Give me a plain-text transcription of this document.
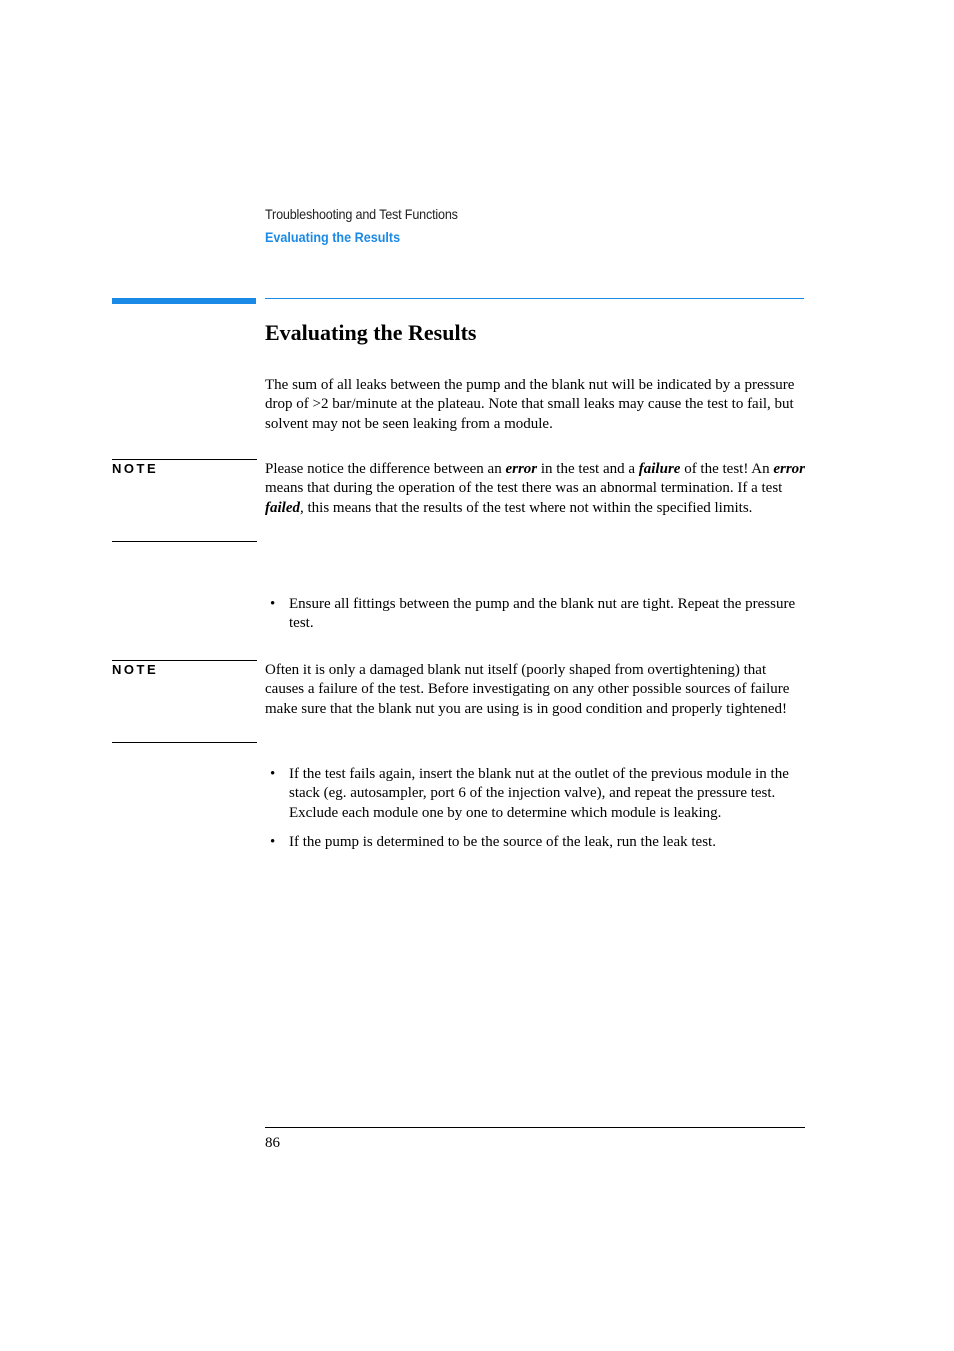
Troubleshooting and Test Functions
Evaluating the Results
Evaluating the Results

The sum of all leaks between the pump and the blank nut will be indicated by a pressure drop of >2 bar/minute at the plateau. Note that small leaks may cause the test to fail, but solvent may not be seen leaking from a module.

NOTE	Please notice the difference between an error in the test and a failure of the test! An error means that during the operation of the test there was an abnormal termination. If a test failed, this means that the results of the test where not within the specified limits.

• Ensure all fittings between the pump and the blank nut are tight. Repeat the pressure test.
NOTE	Often it is only a damaged blank nut itself (poorly shaped from overtightening) that causes a failure of the test. Before investigating on any other possible sources of failure make sure that the blank nut you are using is in good condition and properly tightened!

• If the test fails again, insert the blank nut at the outlet of the previous module in the stack (eg. autosampler, port 6 of the injection valve), and repeat the pressure test. Exclude each module one by one to determine which module is leaking.
• If the pump is determined to be the source of the leak, run the leak test.
86
